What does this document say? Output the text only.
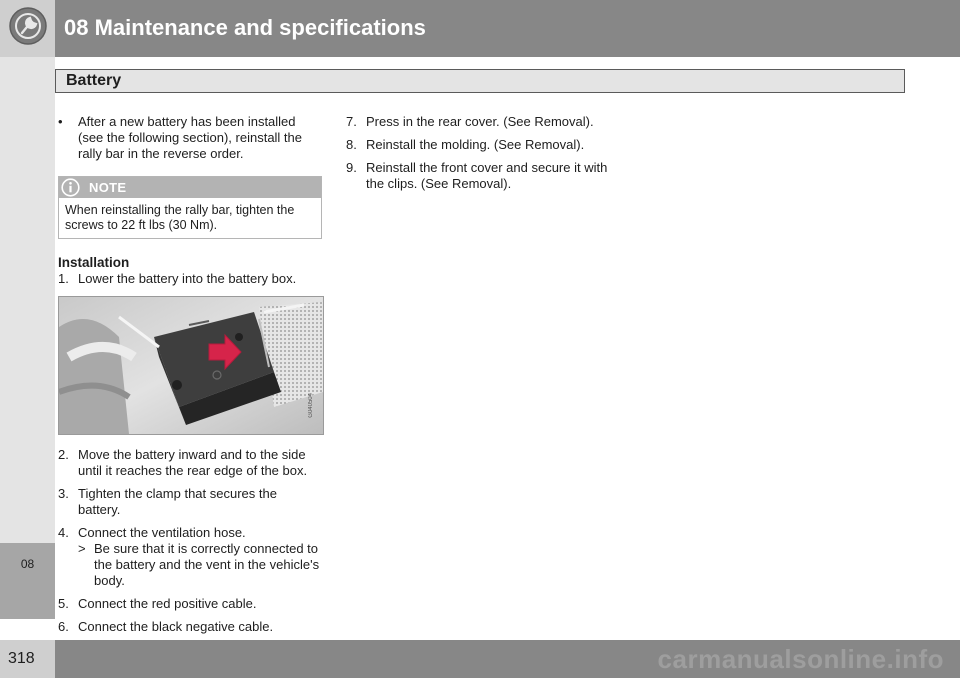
08 Maintenance and specifications
Battery
08
• After a new battery has been installed (see the following section), reinstall the rally bar in the reverse order.
NOTE
When reinstalling the rally bar, tighten the screws to 22 ft lbs (30 Nm).
Installation
1. Lower the battery into the battery box.
G040504
2. Move the battery inward and to the side until it reaches the rear edge of the box.
3. Tighten the clamp that secures the battery.
4. Connect the ventilation hose.
> Be sure that it is correctly connected to the battery and the vent in the vehicle's body.
5. Connect the red positive cable.
6. Connect the black negative cable.
7. Press in the rear cover. (See Removal).
8. Reinstall the molding. (See Removal).
9. Reinstall the front cover and secure it with the clips. (See Removal).
318	carmanualsonline.info
